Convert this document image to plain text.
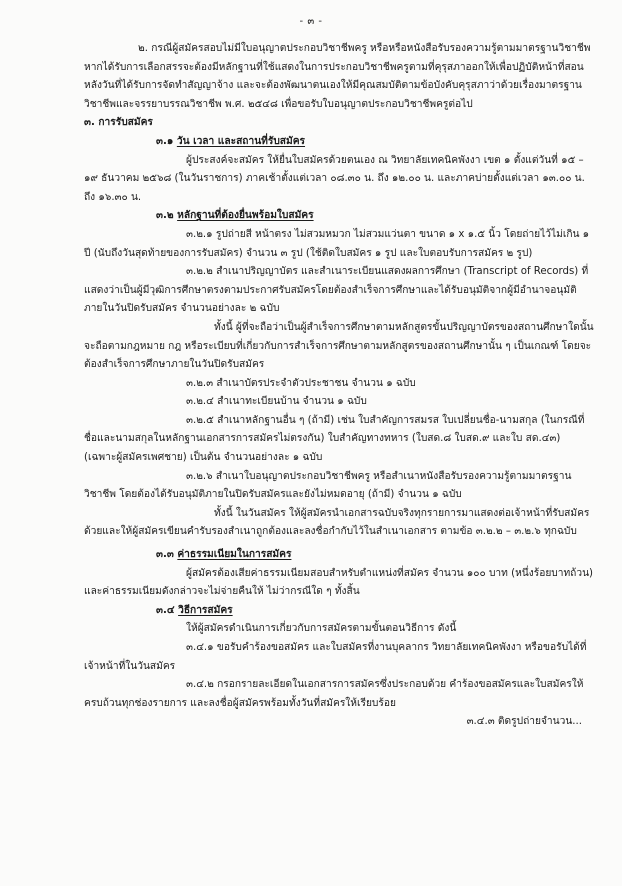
- ๓ -

๒. กรณีผู้สมัครสอบไม่มีใบอนุญาตประกอบวิชาชีพครู หรือหรือหนังสือรับรองความรู้ตามมาตรฐานวิชาชีพ หากได้รับการเลือกสรรจะต้องมีหลักฐานที่ใช้แสดงในการประกอบวิชาชีพครูตามที่คุรุสภาออกให้เพื่อปฏิบัติหน้าที่สอนหลังวันที่ได้รับการจัดทำสัญญาจ้าง และจะต้องพัฒนาตนเองให้มีคุณสมบัติตามข้อบังคับคุรุสภาว่าด้วยเรื่องมาตรฐานวิชาชีพและจรรยาบรรณวิชาชีพ พ.ศ. ๒๕๔๘ เพื่อขอรับใบอนุญาตประกอบวิชาชีพครูต่อไป

๓. การรับสมัคร

๓.๑ วัน เวลา และสถานที่รับสมัคร

ผู้ประสงค์จะสมัคร ให้ยื่นใบสมัครด้วยตนเอง ณ วิทยาลัยเทคนิคพังงา เขต ๑ ตั้งแต่วันที่ ๑๕ – ๑๙ ธันวาคม ๒๕๖๘ (ในวันราชการ) ภาคเช้าตั้งแต่เวลา ๐๘.๓๐ น. ถึง ๑๒.๐๐ น. และภาคบ่ายตั้งแต่เวลา ๑๓.๐๐ น. ถึง ๑๖.๓๐ น.

๓.๒ หลักฐานที่ต้องยื่นพร้อมใบสมัคร

๓.๒.๑ รูปถ่ายสี หน้าตรง ไม่สวมหมวก ไม่สวมแว่นตา ขนาด ๑ x ๑.๕ นิ้ว โดยถ่ายไว้ไม่เกิน ๑ ปี (นับถึงวันสุดท้ายของการรับสมัคร) จำนวน ๓ รูป (ใช้ติดใบสมัคร ๑ รูป และใบตอบรับการสมัคร ๒ รูป)

๓.๒.๒ สำเนาปริญญาบัตร และสำเนาระเบียนแสดงผลการศึกษา (Transcript of Records) ที่แสดงว่าเป็นผู้มีวุฒิการศึกษาตรงตามประกาศรับสมัครโดยต้องสำเร็จการศึกษาและได้รับอนุมัติจากผู้มีอำนาจอนุมัติภายในวันปิดรับสมัคร จำนวนอย่างละ ๒ ฉบับ

ทั้งนี้ ผู้ที่จะถือว่าเป็นผู้สำเร็จการศึกษาตามหลักสูตรขั้นปริญญาบัตรของสถานศึกษาใดนั้นจะถือตามกฎหมาย กฎ หรือระเบียบที่เกี่ยวกับการสำเร็จการศึกษาตามหลักสูตรของสถานศึกษานั้น ๆ เป็นเกณฑ์ โดยจะต้องสำเร็จการศึกษาภายในวันปิดรับสมัคร

๓.๒.๓ สำเนาบัตรประจำตัวประชาชน จำนวน ๑ ฉบับ

๓.๒.๔ สำเนาทะเบียนบ้าน จำนวน ๑ ฉบับ

๓.๒.๕ สำเนาหลักฐานอื่น ๆ (ถ้ามี) เช่น ใบสำคัญการสมรส ใบเปลี่ยนชื่อ-นามสกุล (ในกรณีที่ชื่อและนามสกุลในหลักฐานเอกสารการสมัครไม่ตรงกัน) ใบสำคัญทางทหาร (ใบสด.๘ ใบสด.๙ และใบ สด.๔๓) (เฉพาะผู้สมัครเพศชาย) เป็นต้น จำนวนอย่างละ ๑ ฉบับ

๓.๒.๖ สำเนาใบอนุญาตประกอบวิชาชีพครู หรือสำเนาหนังสือรับรองความรู้ตามมาตรฐานวิชาชีพ โดยต้องได้รับอนุมัติภายในปิดรับสมัครและยังไม่หมดอายุ (ถ้ามี) จำนวน ๑ ฉบับ

ทั้งนี้ ในวันสมัคร ให้ผู้สมัครนำเอกสารฉบับจริงทุกรายการมาแสดงต่อเจ้าหน้าที่รับสมัครด้วยและให้ผู้สมัครเขียนคำรับรองสำเนาถูกต้องและลงชื่อกำกับไว้ในสำเนาเอกสาร ตามข้อ ๓.๒.๒ – ๓.๒.๖ ทุกฉบับ

๓.๓ ค่าธรรมเนียมในการสมัคร

ผู้สมัครต้องเสียค่าธรรมเนียมสอบสำหรับตำแหน่งที่สมัคร จำนวน ๑๐๐ บาท (หนึ่งร้อยบาทถ้วน) และค่าธรรมเนียมดังกล่าวจะไม่จ่ายคืนให้ ไม่ว่ากรณีใด ๆ ทั้งสิ้น

๓.๔ วิธีการสมัคร

ให้ผู้สมัครดำเนินการเกี่ยวกับการสมัครตามขั้นตอนวิธีการ ดังนี้

๓.๔.๑ ขอรับคำร้องขอสมัคร และใบสมัครที่งานบุคลากร วิทยาลัยเทคนิคพังงา หรือขอรับได้ที่เจ้าหน้าที่ในวันสมัคร

๓.๔.๒ กรอกรายละเอียดในเอกสารการสมัครซึ่งประกอบด้วย คำร้องขอสมัครและใบสมัครให้ครบถ้วนทุกช่องรายการ และลงชื่อผู้สมัครพร้อมทั้งวันที่สมัครให้เรียบร้อย

๓.๔.๓ ติดรูปถ่ายจำนวน...
